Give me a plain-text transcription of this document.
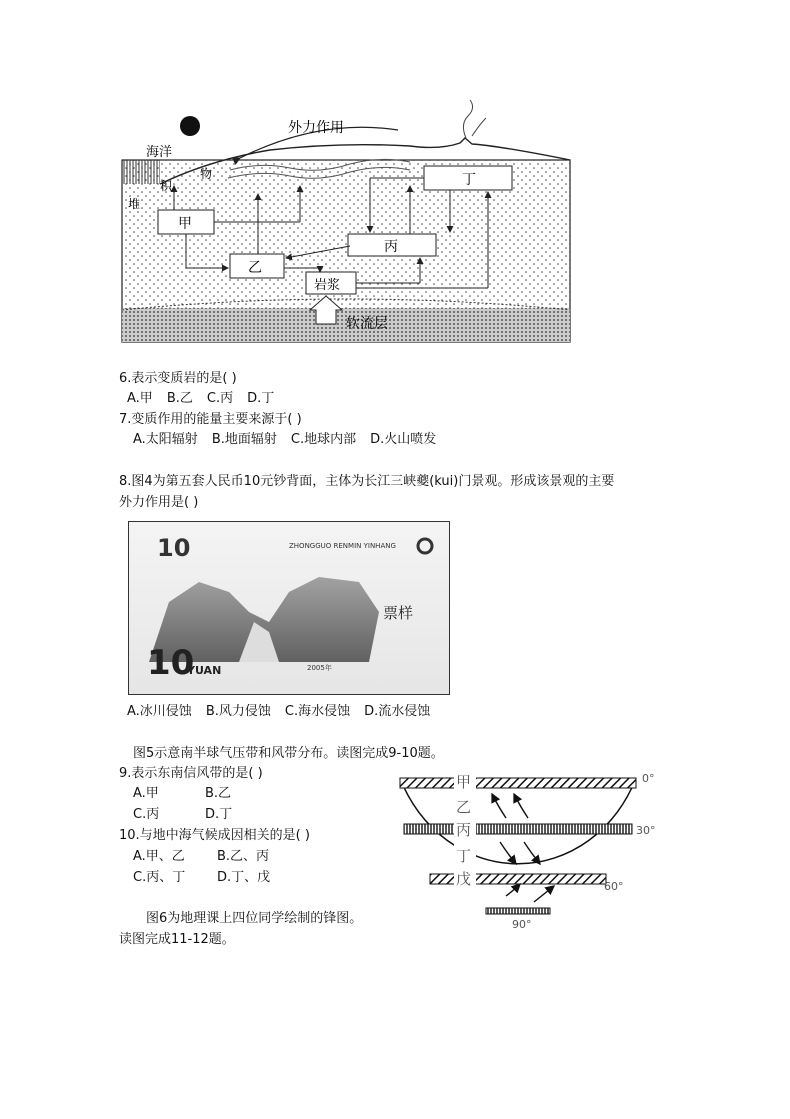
外力作用
海洋
积
物
堆
甲
乙
丙
丁
岩浆
软流层
6.表示变质岩的是( )
A.甲 B.乙 C.丙 D.丁
7.变质作用的能量主要来源于( )
A.太阳辐射 B.地面辐射 C.地球内部 D.火山喷发
8.图4为第五套人民币10元钞背面，主体为长江三峡夔(kui)门景观。形成该景观的主要
外力作用是( )
10	ZHONGGUO RENMIN YINHANG
票样
10
YUAN	2005年
A.冰川侵蚀 B.风力侵蚀 C.海水侵蚀 D.流水侵蚀
图5示意南半球气压带和风带分布。读图完成9-10题。
9.表示东南信风带的是( )
A.甲	B.乙
C.丙	D.丁
10.与地中海气候成因相关的是( )
A.甲、乙 B.乙、丙
C.丙、丁 D.丁、戊
甲
乙
丙
丁
戊
0°
30°
60°
90°
图6为地理课上四位同学绘制的锋图。
读图完成11-12题。
